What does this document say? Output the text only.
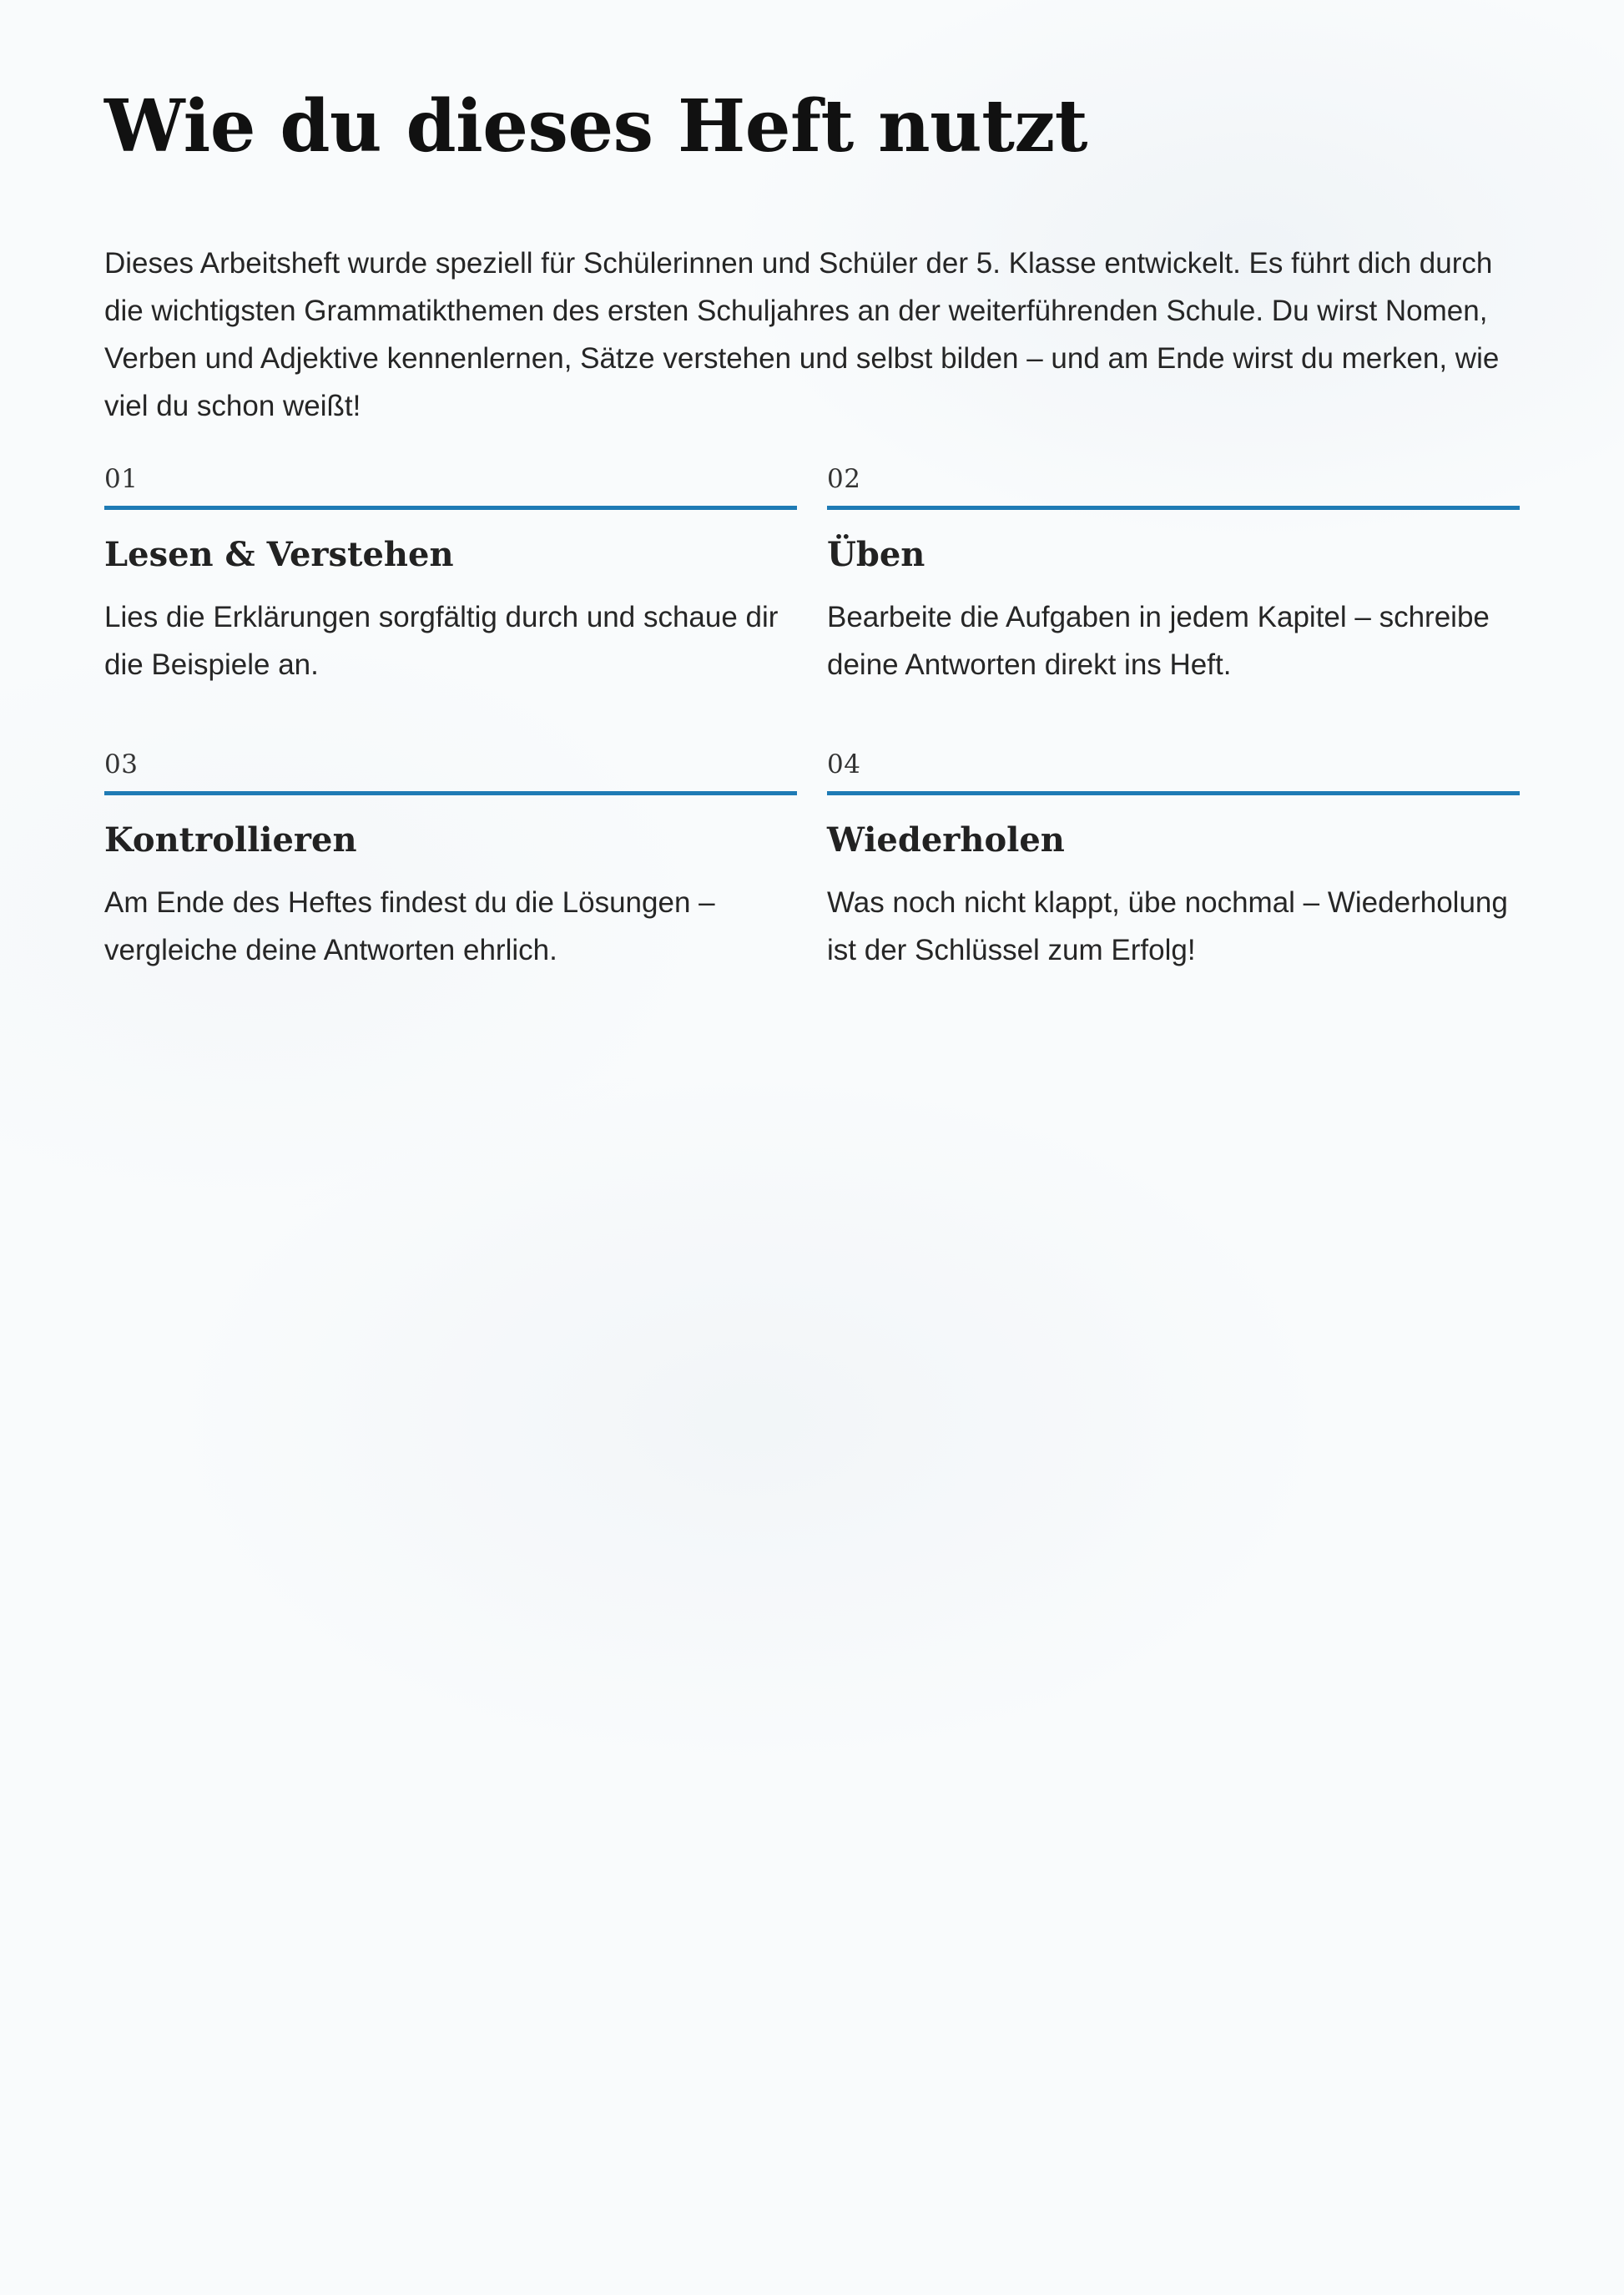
Wie du dieses Heft nutzt

Dieses Arbeitsheft wurde speziell für Schülerinnen und Schüler der 5. Klasse entwickelt. Es führt dich durch die wichtigsten Grammatikthemen des ersten Schuljahres an der weiterführenden Schule. Du wirst Nomen, Verben und Adjektive kennenlernen, Sätze verstehen und selbst bilden – und am Ende wirst du merken, wie viel du schon weißt!

01
Lesen & Verstehen

Lies die Erklärungen sorgfältig durch und schaue dir die Beispiele an.

02
Üben

Bearbeite die Aufgaben in jedem Kapitel – schreibe deine Antworten direkt ins Heft.

03
Kontrollieren

Am Ende des Heftes findest du die Lösungen – vergleiche deine Antworten ehrlich.

04
Wiederholen

Was noch nicht klappt, übe nochmal – Wiederholung ist der Schlüssel zum Erfolg!
